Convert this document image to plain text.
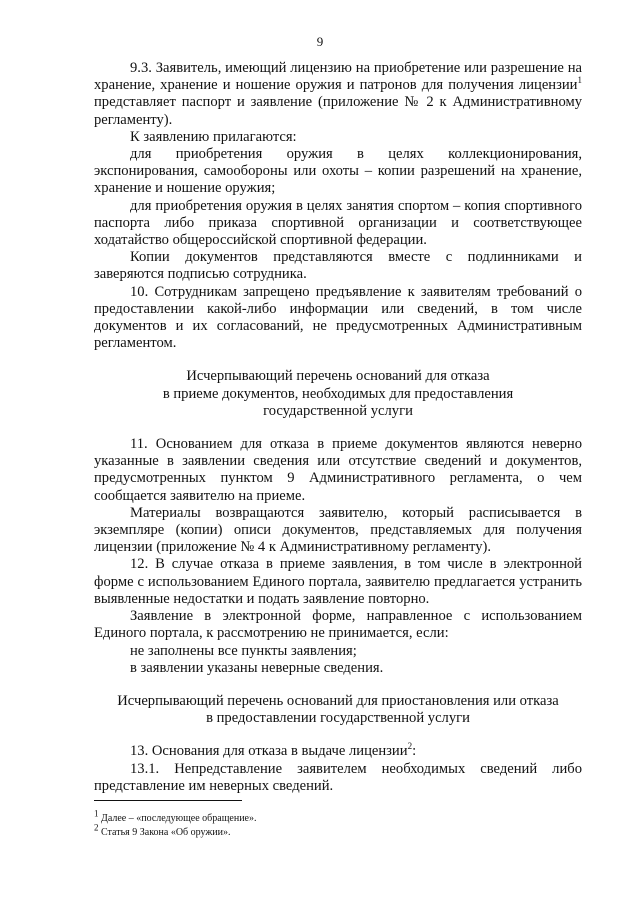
9

9.3. Заявитель, имеющий лицензию на приобретение или разрешение на хранение, хранение и ношение оружия и патронов для получения лицензии$^1$ представляет паспорт и заявление (приложение № 2 к Административному регламенту).

К заявлению прилагаются:

для приобретения оружия в целях коллекционирования, экспонирования, самообороны или охоты – копии разрешений на хранение, хранение и ношение оружия;

для приобретения оружия в целях занятия спортом – копия спортивного паспорта либо приказа спортивной организации и соответствующее ходатайство общероссийской спортивной федерации.

Копии документов представляются вместе с подлинниками и заверяются подписью сотрудника.

10. Сотрудникам запрещено предъявление к заявителям требований о предоставлении какой-либо информации или сведений, в том числе документов и их согласований, не предусмотренных Административным регламентом.

Исчерпывающий перечень оснований для отказа

в приеме документов, необходимых для предоставления

государственной услуги

11. Основанием для отказа в приеме документов являются неверно указанные в заявлении сведения или отсутствие сведений и документов, предусмотренных пунктом 9 Административного регламента, о чем сообщается заявителю на приеме.

Материалы возвращаются заявителю, который расписывается в экземпляре (копии) описи документов, представляемых для получения лицензии (приложение № 4 к Административному регламенту).

12. В случае отказа в приеме заявления, в том числе в электронной форме с использованием Единого портала, заявителю предлагается устранить выявленные недостатки и подать заявление повторно.

Заявление в электронной форме, направленное с использованием Единого портала, к рассмотрению не принимается, если:

не заполнены все пункты заявления;

в заявлении указаны неверные сведения.

Исчерпывающий перечень оснований для приостановления или отказа

в предоставлении государственной услуги

13. Основания для отказа в выдаче лицензии$^2$:

13.1. Непредставление заявителем необходимых сведений либо представление им неверных сведений.

$^1$ Далее – «последующее обращение».

$^2$ Статья 9 Закона «Об оружии».
